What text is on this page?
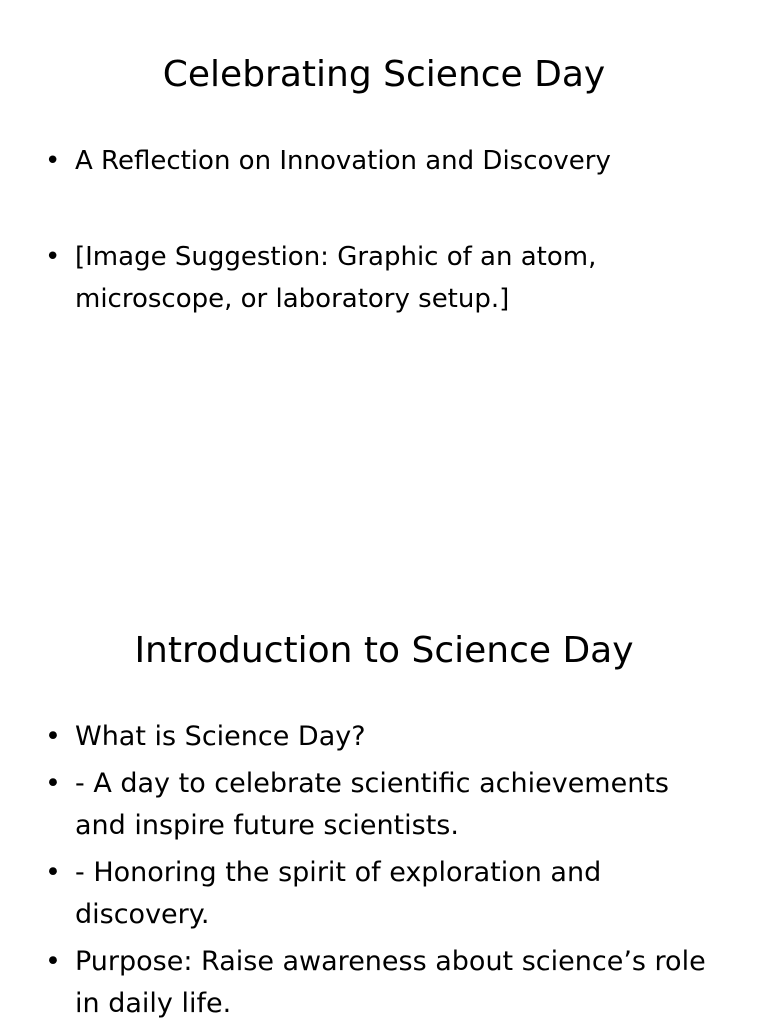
Celebrating Science Day
• A Reflection on Innovation and Discovery
• [Image Suggestion: Graphic of an atom, microscope, or laboratory setup.]
Introduction to Science Day
• What is Science Day?
• - A day to celebrate scientific achievements and inspire future scientists.
• - Honoring the spirit of exploration and discovery.
• Purpose: Raise awareness about science’s role in daily life.
